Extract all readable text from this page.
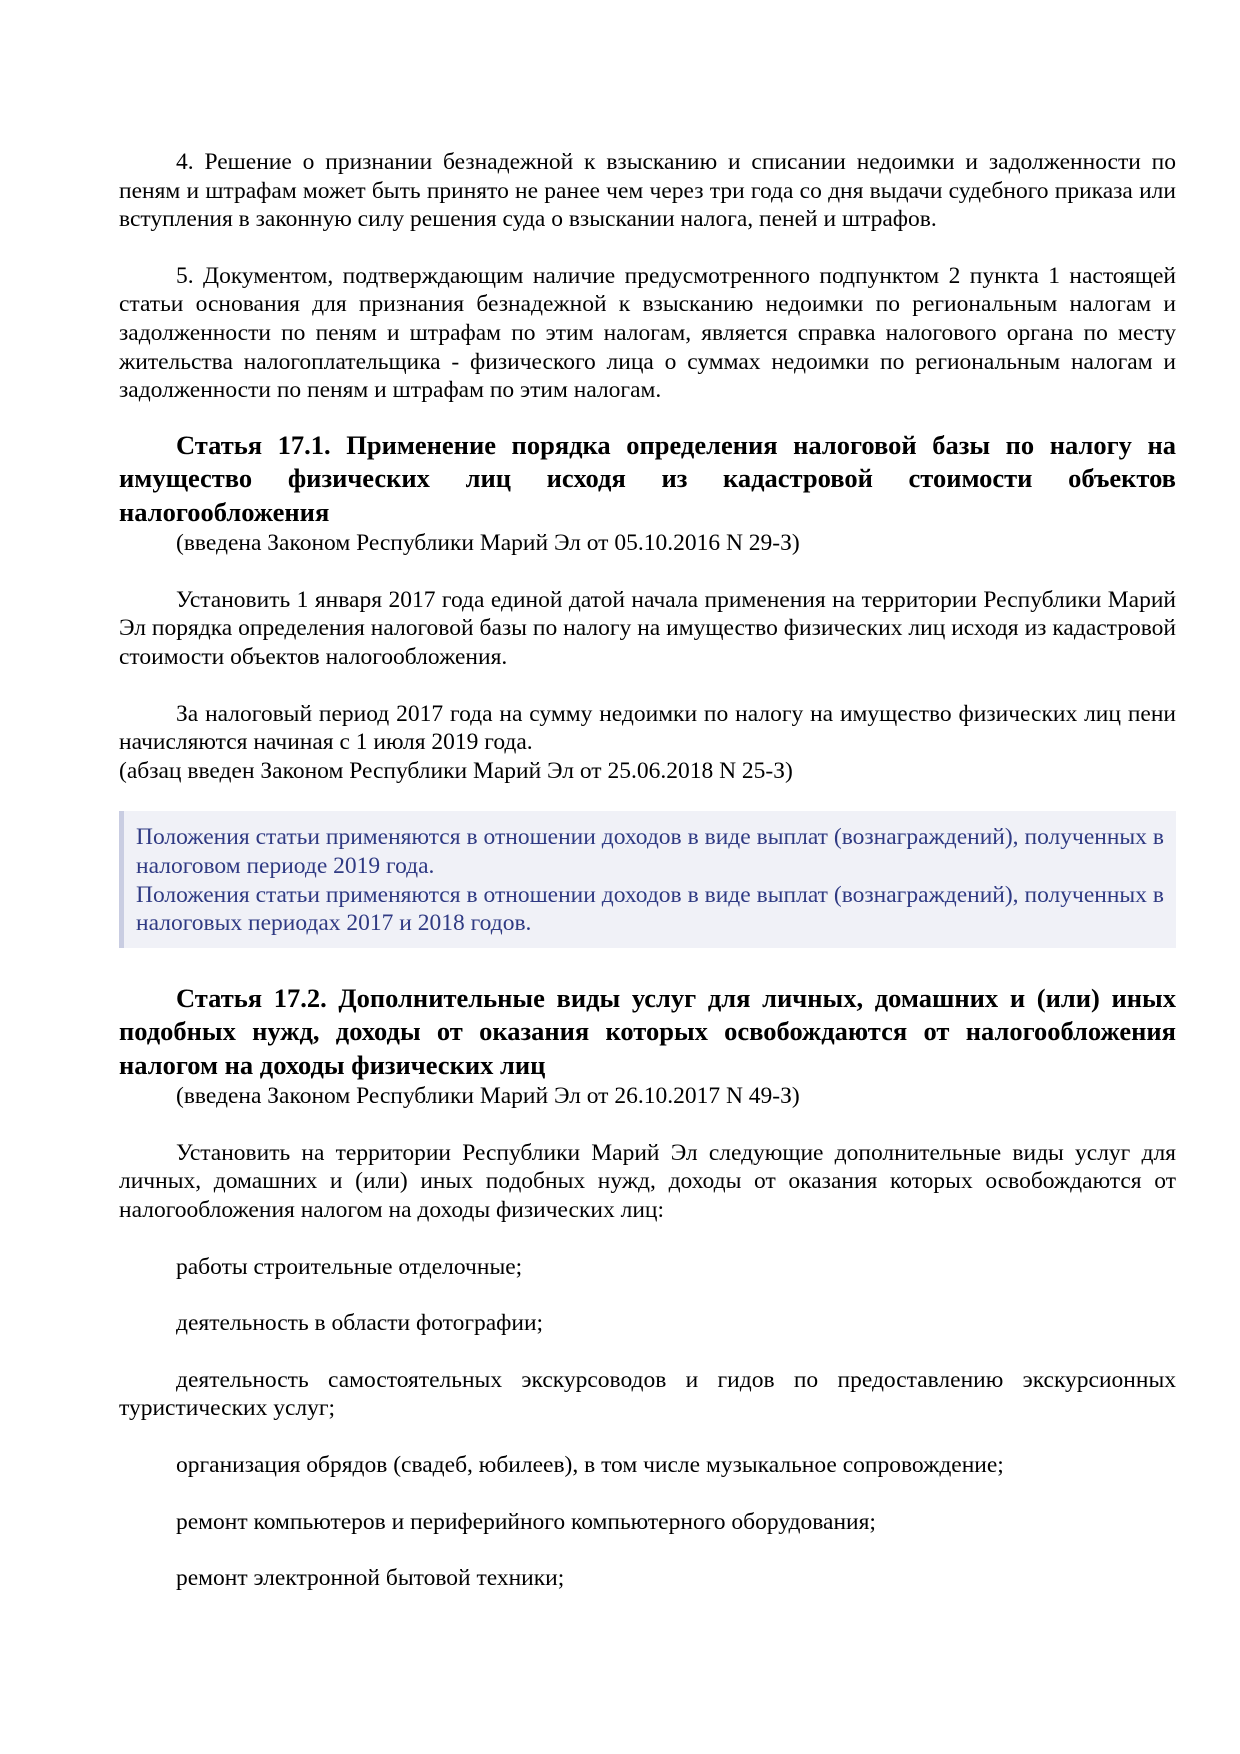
4. Решение о признании безнадежной к взысканию и списании недоимки и задолженности по пеням и штрафам может быть принято не ранее чем через три года со дня выдачи судебного приказа или вступления в законную силу решения суда о взыскании налога, пеней и штрафов.

5. Документом, подтверждающим наличие предусмотренного подпунктом 2 пункта 1 настоящей статьи основания для признания безнадежной к взысканию недоимки по региональным налогам и задолженности по пеням и штрафам по этим налогам, является справка налогового органа по месту жительства налогоплательщика - физического лица о суммах недоимки по региональным налогам и задолженности по пеням и штрафам по этим налогам.

Статья 17.1. Применение порядка определения налоговой базы по налогу на имущество физических лиц исходя из кадастровой стоимости объектов налогообложения
(введена Законом Республики Марий Эл от 05.10.2016 N 29-З)

Установить 1 января 2017 года единой датой начала применения на территории Республики Марий Эл порядка определения налоговой базы по налогу на имущество физических лиц исходя из кадастровой стоимости объектов налогообложения.

За налоговый период 2017 года на сумму недоимки по налогу на имущество физических лиц пени начисляются начиная с 1 июля 2019 года.

(абзац введен Законом Республики Марий Эл от 25.06.2018 N 25-З)

Положения статьи применяются в отношении доходов в виде выплат (вознаграждений), полученных в налоговом периоде 2019 года.

Положения статьи применяются в отношении доходов в виде выплат (вознаграждений), полученных в налоговых периодах 2017 и 2018 годов.

Статья 17.2. Дополнительные виды услуг для личных, домашних и (или) иных подобных нужд, доходы от оказания которых освобождаются от налогообложения налогом на доходы физических лиц
(введена Законом Республики Марий Эл от 26.10.2017 N 49-З)

Установить на территории Республики Марий Эл следующие дополнительные виды услуг для личных, домашних и (или) иных подобных нужд, доходы от оказания которых освобождаются от налогообложения налогом на доходы физических лиц:

работы строительные отделочные;

деятельность в области фотографии;

деятельность самостоятельных экскурсоводов и гидов по предоставлению экскурсионных туристических услуг;

организация обрядов (свадеб, юбилеев), в том числе музыкальное сопровождение;

ремонт компьютеров и периферийного компьютерного оборудования;

ремонт электронной бытовой техники;
